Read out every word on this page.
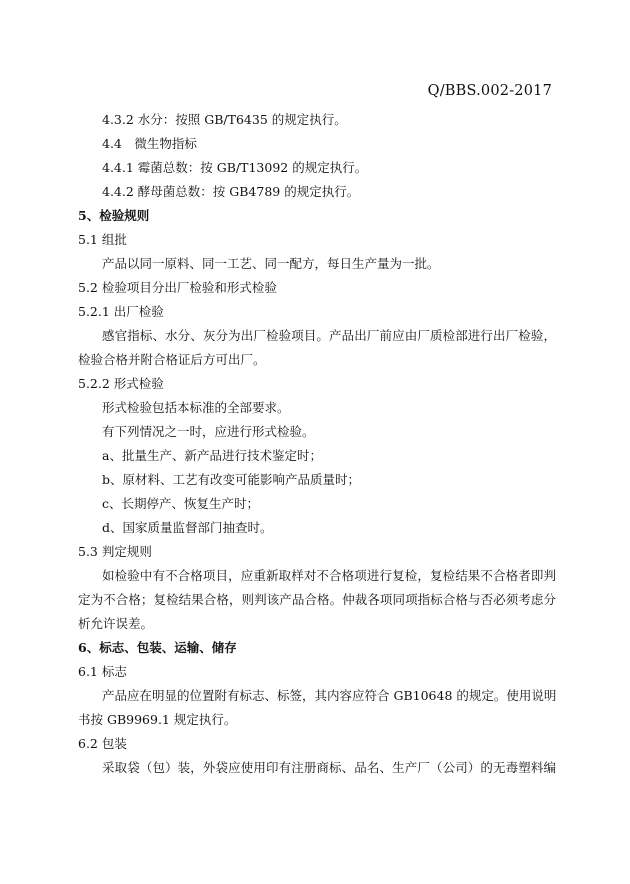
Q/BBS.002-2017
4.3.2 水分：按照 GB/T6435 的规定执行。
4.4　微生物指标
4.4.1 霉菌总数：按 GB/T13092 的规定执行。
4.4.2 酵母菌总数：按 GB4789 的规定执行。
5、检验规则
5.1 组批
产品以同一原料、同一工艺、同一配方，每日生产量为一批。
5.2 检验项目分出厂检验和形式检验
5.2.1 出厂检验
感官指标、水分、灰分为出厂检验项目。产品出厂前应由厂质检部进行出厂检验，
检验合格并附合格证后方可出厂。
5.2.2 形式检验
形式检验包括本标准的全部要求。
有下列情况之一时，应进行形式检验。
a、批量生产、新产品进行技术鉴定时；
b、原材料、工艺有改变可能影响产品质量时；
c、长期停产、恢复生产时；
d、国家质量监督部门抽查时。
5.3 判定规则
如检验中有不合格项目，应重新取样对不合格项进行复检，复检结果不合格者即判
定为不合格；复检结果合格，则判该产品合格。仲裁各项同项指标合格与否必须考虑分
析允许误差。
6、标志、包装、运输、储存
6.1 标志
产品应在明显的位置附有标志、标签，其内容应符合 GB10648 的规定。使用说明
书按 GB9969.1 规定执行。
6.2 包装
采取袋（包）装，外袋应使用印有注册商标、品名、生产厂（公司）的无毒塑料编
